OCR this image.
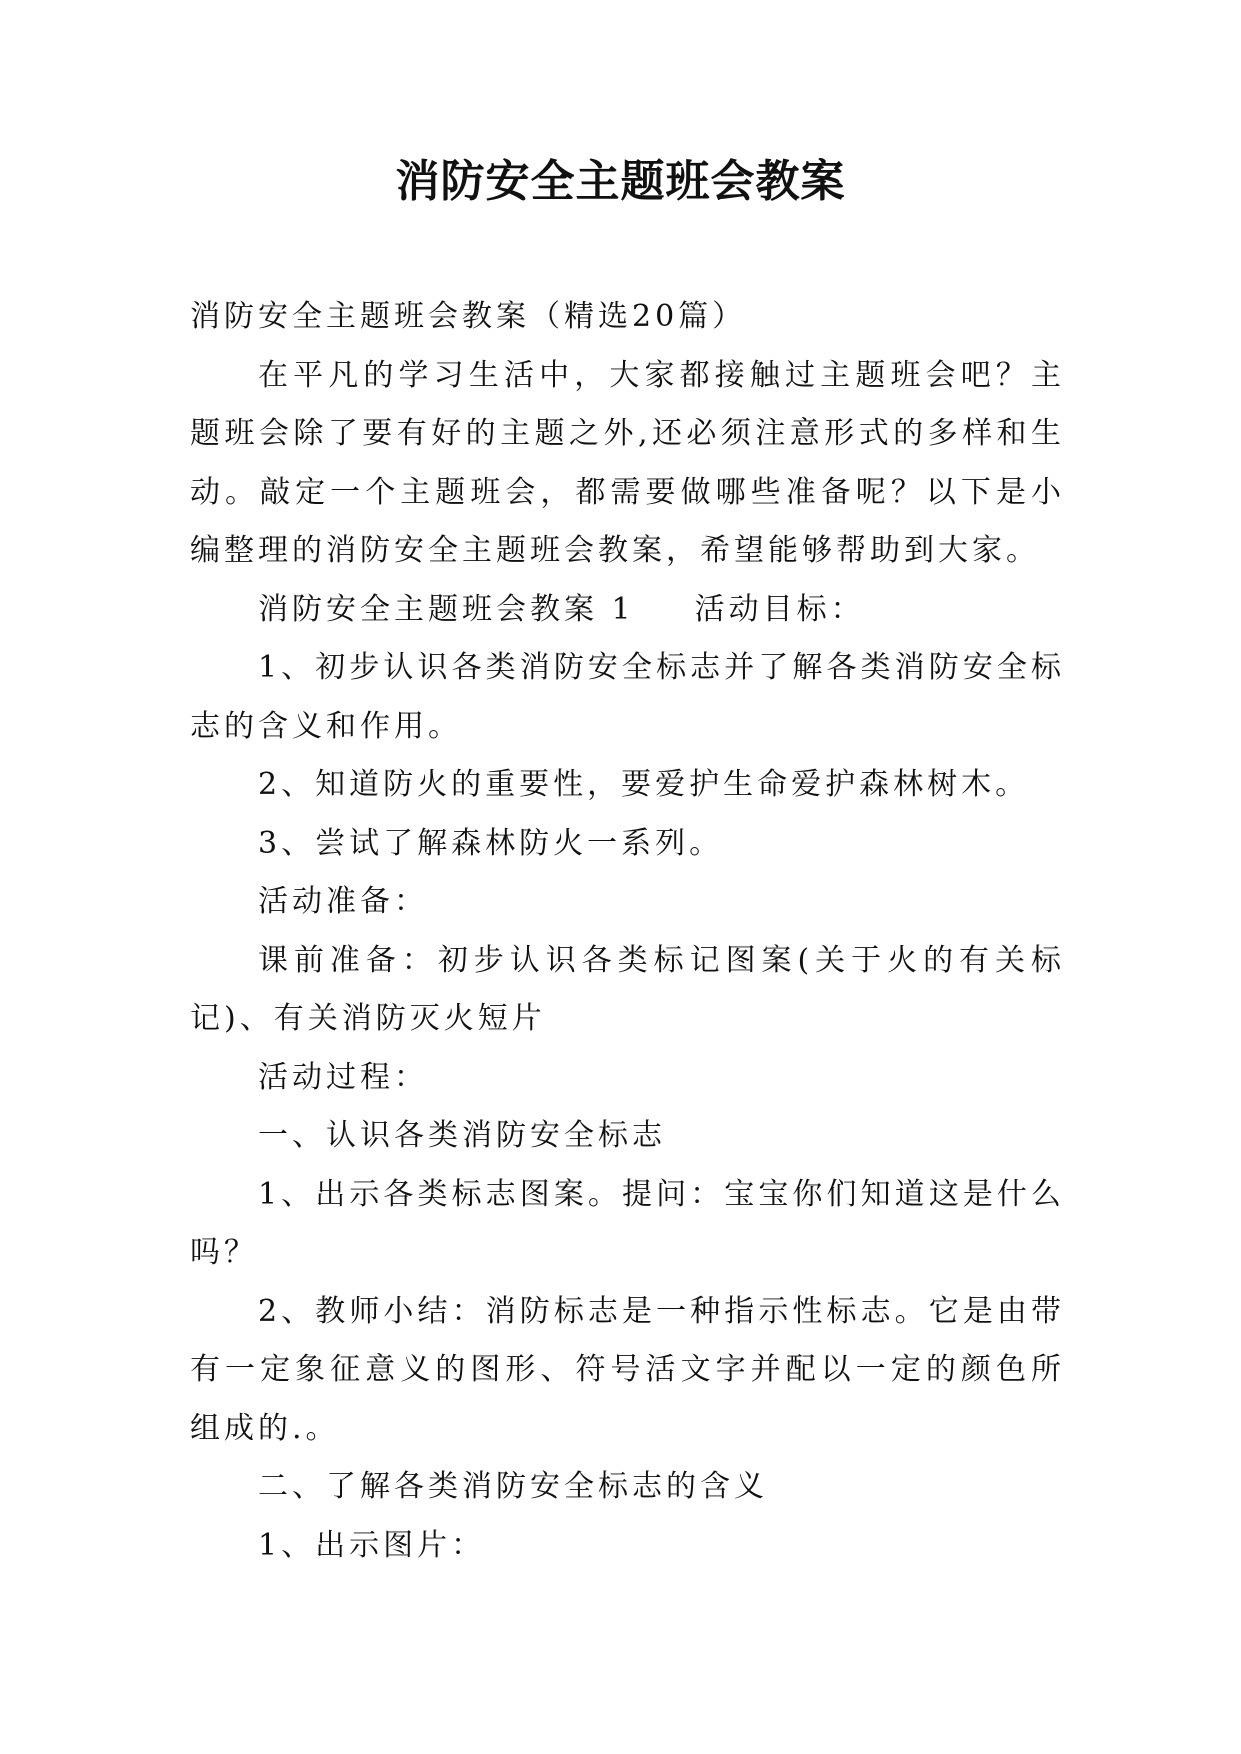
消防安全主题班会教案

消防安全主题班会教案（精选20篇）

在平凡的学习生活中，大家都接触过主题班会吧？主题班会除了要有好的主题之外,还必须注意形式的多样和生动。敲定一个主题班会，都需要做哪些准备呢？以下是小编整理的消防安全主题班会教案，希望能够帮助到大家。

消防安全主题班会教案 1 活动目标：

1、初步认识各类消防安全标志并了解各类消防安全标志的含义和作用。

2、知道防火的重要性，要爱护生命爱护森林树木。

3、尝试了解森林防火一系列。

活动准备：

课前准备：初步认识各类标记图案(关于火的有关标记)、有关消防灭火短片

活动过程：

一、认识各类消防安全标志

1、出示各类标志图案。提问：宝宝你们知道这是什么吗？

2、教师小结：消防标志是一种指示性标志。它是由带有一定象征意义的图形、符号活文字并配以一定的颜色所组成的.。

二、了解各类消防安全标志的含义

1、出示图片：
